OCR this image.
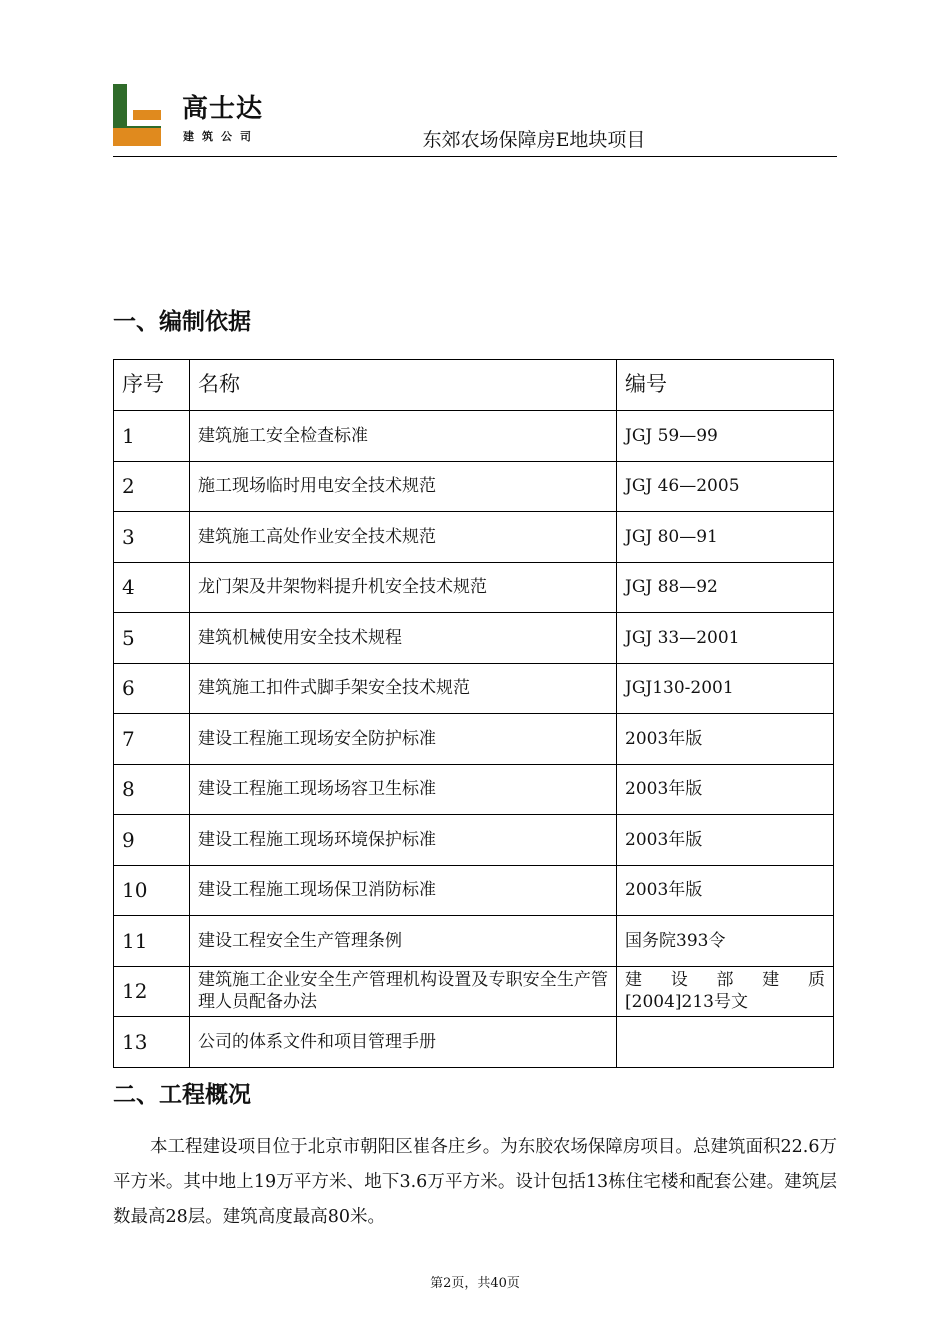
高士达
建筑公司	东郊农场保障房E地块项目
一、编制依据
序号	名称	编号
1	建筑施工安全检查标准	JGJ 59—99
2	施工现场临时用电安全技术规范	JGJ 46—2005
3	建筑施工高处作业安全技术规范	JGJ 80—91
4	龙门架及井架物料提升机安全技术规范	JGJ 88—92
5	建筑机械使用安全技术规程	JGJ 33—2001
6	建筑施工扣件式脚手架安全技术规范	JGJ130-2001
7	建设工程施工现场安全防护标准	2003年版
8	建设工程施工现场场容卫生标准	2003年版
9	建设工程施工现场环境保护标准	2003年版
10	建设工程施工现场保卫消防标准	2003年版
11	建设工程安全生产管理条例	国务院393令
12	建筑施工企业安全生产管理机构设置及专职安全生产管理人员配备办法	建 设 部 建 质 [2004]213号文
13	公司的体系文件和项目管理手册	
二、工程概况

本工程建设项目位于北京市朝阳区崔各庄乡。为东胶农场保障房项目。总建筑面积22.6万平方米。其中地上19万平方米、地下3.6万平方米。设计包括13栋住宅楼和配套公建。建筑层数最高28层。建筑高度最高80米。

第2页，共40页
